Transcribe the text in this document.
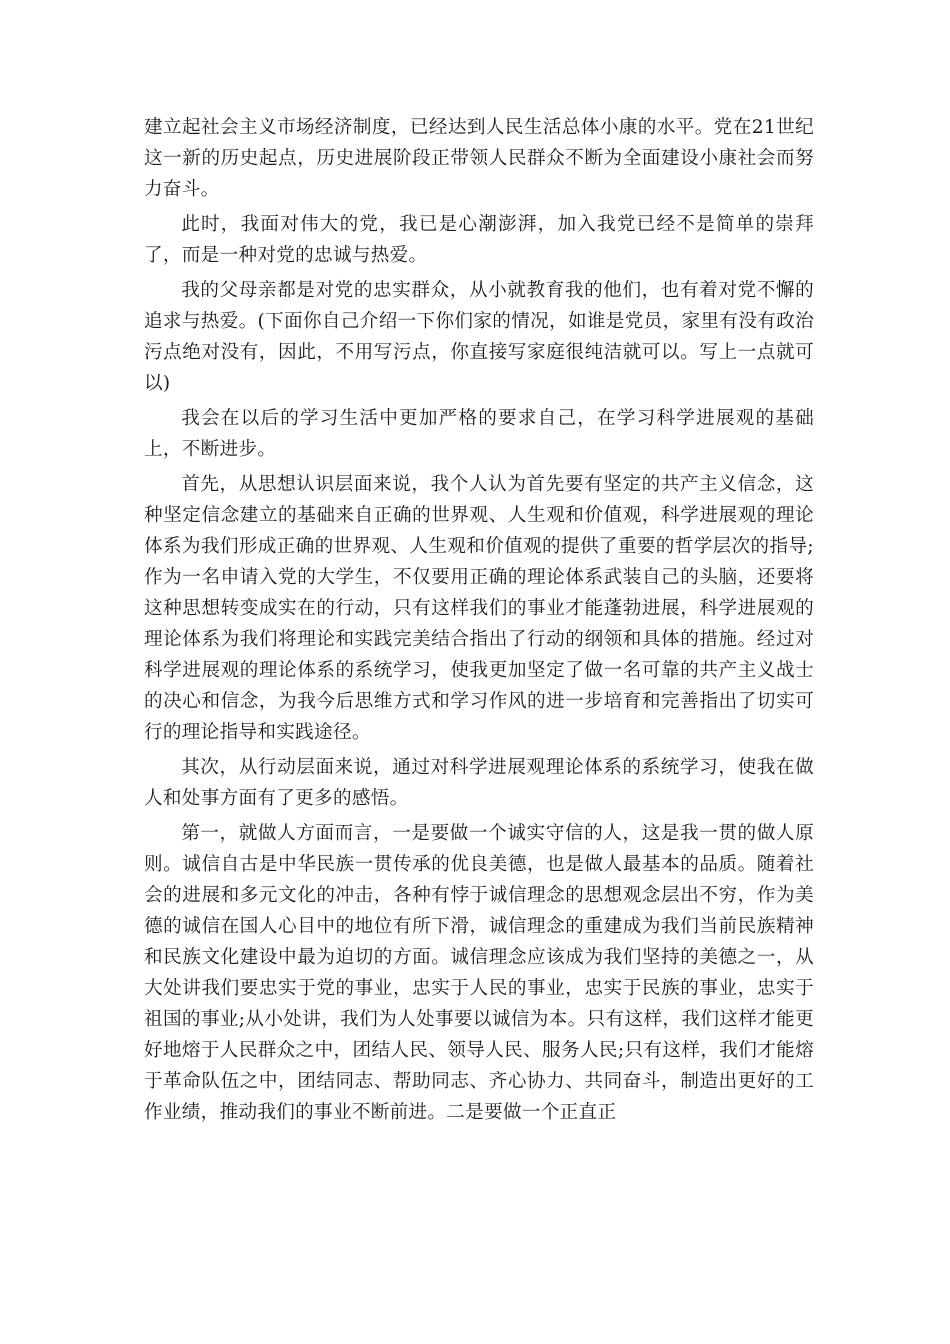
建立起社会主义市场经济制度，已经达到人民生活总体小康的水平。党在21世纪这一新的历史起点，历史进展阶段正带领人民群众不断为全面建设小康社会而努力奋斗。

此时，我面对伟大的党，我已是心潮澎湃，加入我党已经不是简单的崇拜了，而是一种对党的忠诚与热爱。

我的父母亲都是对党的忠实群众，从小就教育我的他们，也有着对党不懈的追求与热爱。(下面你自己介绍一下你们家的情况，如谁是党员，家里有没有政治污点绝对没有，因此，不用写污点，你直接写家庭很纯洁就可以。写上一点就可以)

我会在以后的学习生活中更加严格的要求自己，在学习科学进展观的基础上，不断进步。

首先，从思想认识层面来说，我个人认为首先要有坚定的共产主义信念，这种坚定信念建立的基础来自正确的世界观、人生观和价值观，科学进展观的理论体系为我们形成正确的世界观、人生观和价值观的提供了重要的哲学层次的指导;作为一名申请入党的大学生，不仅要用正确的理论体系武装自己的头脑，还要将这种思想转变成实在的行动，只有这样我们的事业才能蓬勃进展，科学进展观的理论体系为我们将理论和实践完美结合指出了行动的纲领和具体的措施。经过对科学进展观的理论体系的系统学习，使我更加坚定了做一名可靠的共产主义战士的决心和信念，为我今后思维方式和学习作风的进一步培育和完善指出了切实可行的理论指导和实践途径。

其次，从行动层面来说，通过对科学进展观理论体系的系统学习，使我在做人和处事方面有了更多的感悟。

第一，就做人方面而言，一是要做一个诚实守信的人，这是我一贯的做人原则。诚信自古是中华民族一贯传承的优良美德，也是做人最基本的品质。随着社会的进展和多元文化的冲击，各种有悖于诚信理念的思想观念层出不穷，作为美德的诚信在国人心目中的地位有所下滑，诚信理念的重建成为我们当前民族精神和民族文化建设中最为迫切的方面。诚信理念应该成为我们坚持的美德之一，从大处讲我们要忠实于党的事业，忠实于人民的事业，忠实于民族的事业，忠实于祖国的事业;从小处讲，我们为人处事要以诚信为本。只有这样，我们这样才能更好地熔于人民群众之中，团结人民、领导人民、服务人民;只有这样，我们才能熔于革命队伍之中，团结同志、帮助同志、齐心协力、共同奋斗，制造出更好的工作业绩，推动我们的事业不断前进。二是要做一个正直正
